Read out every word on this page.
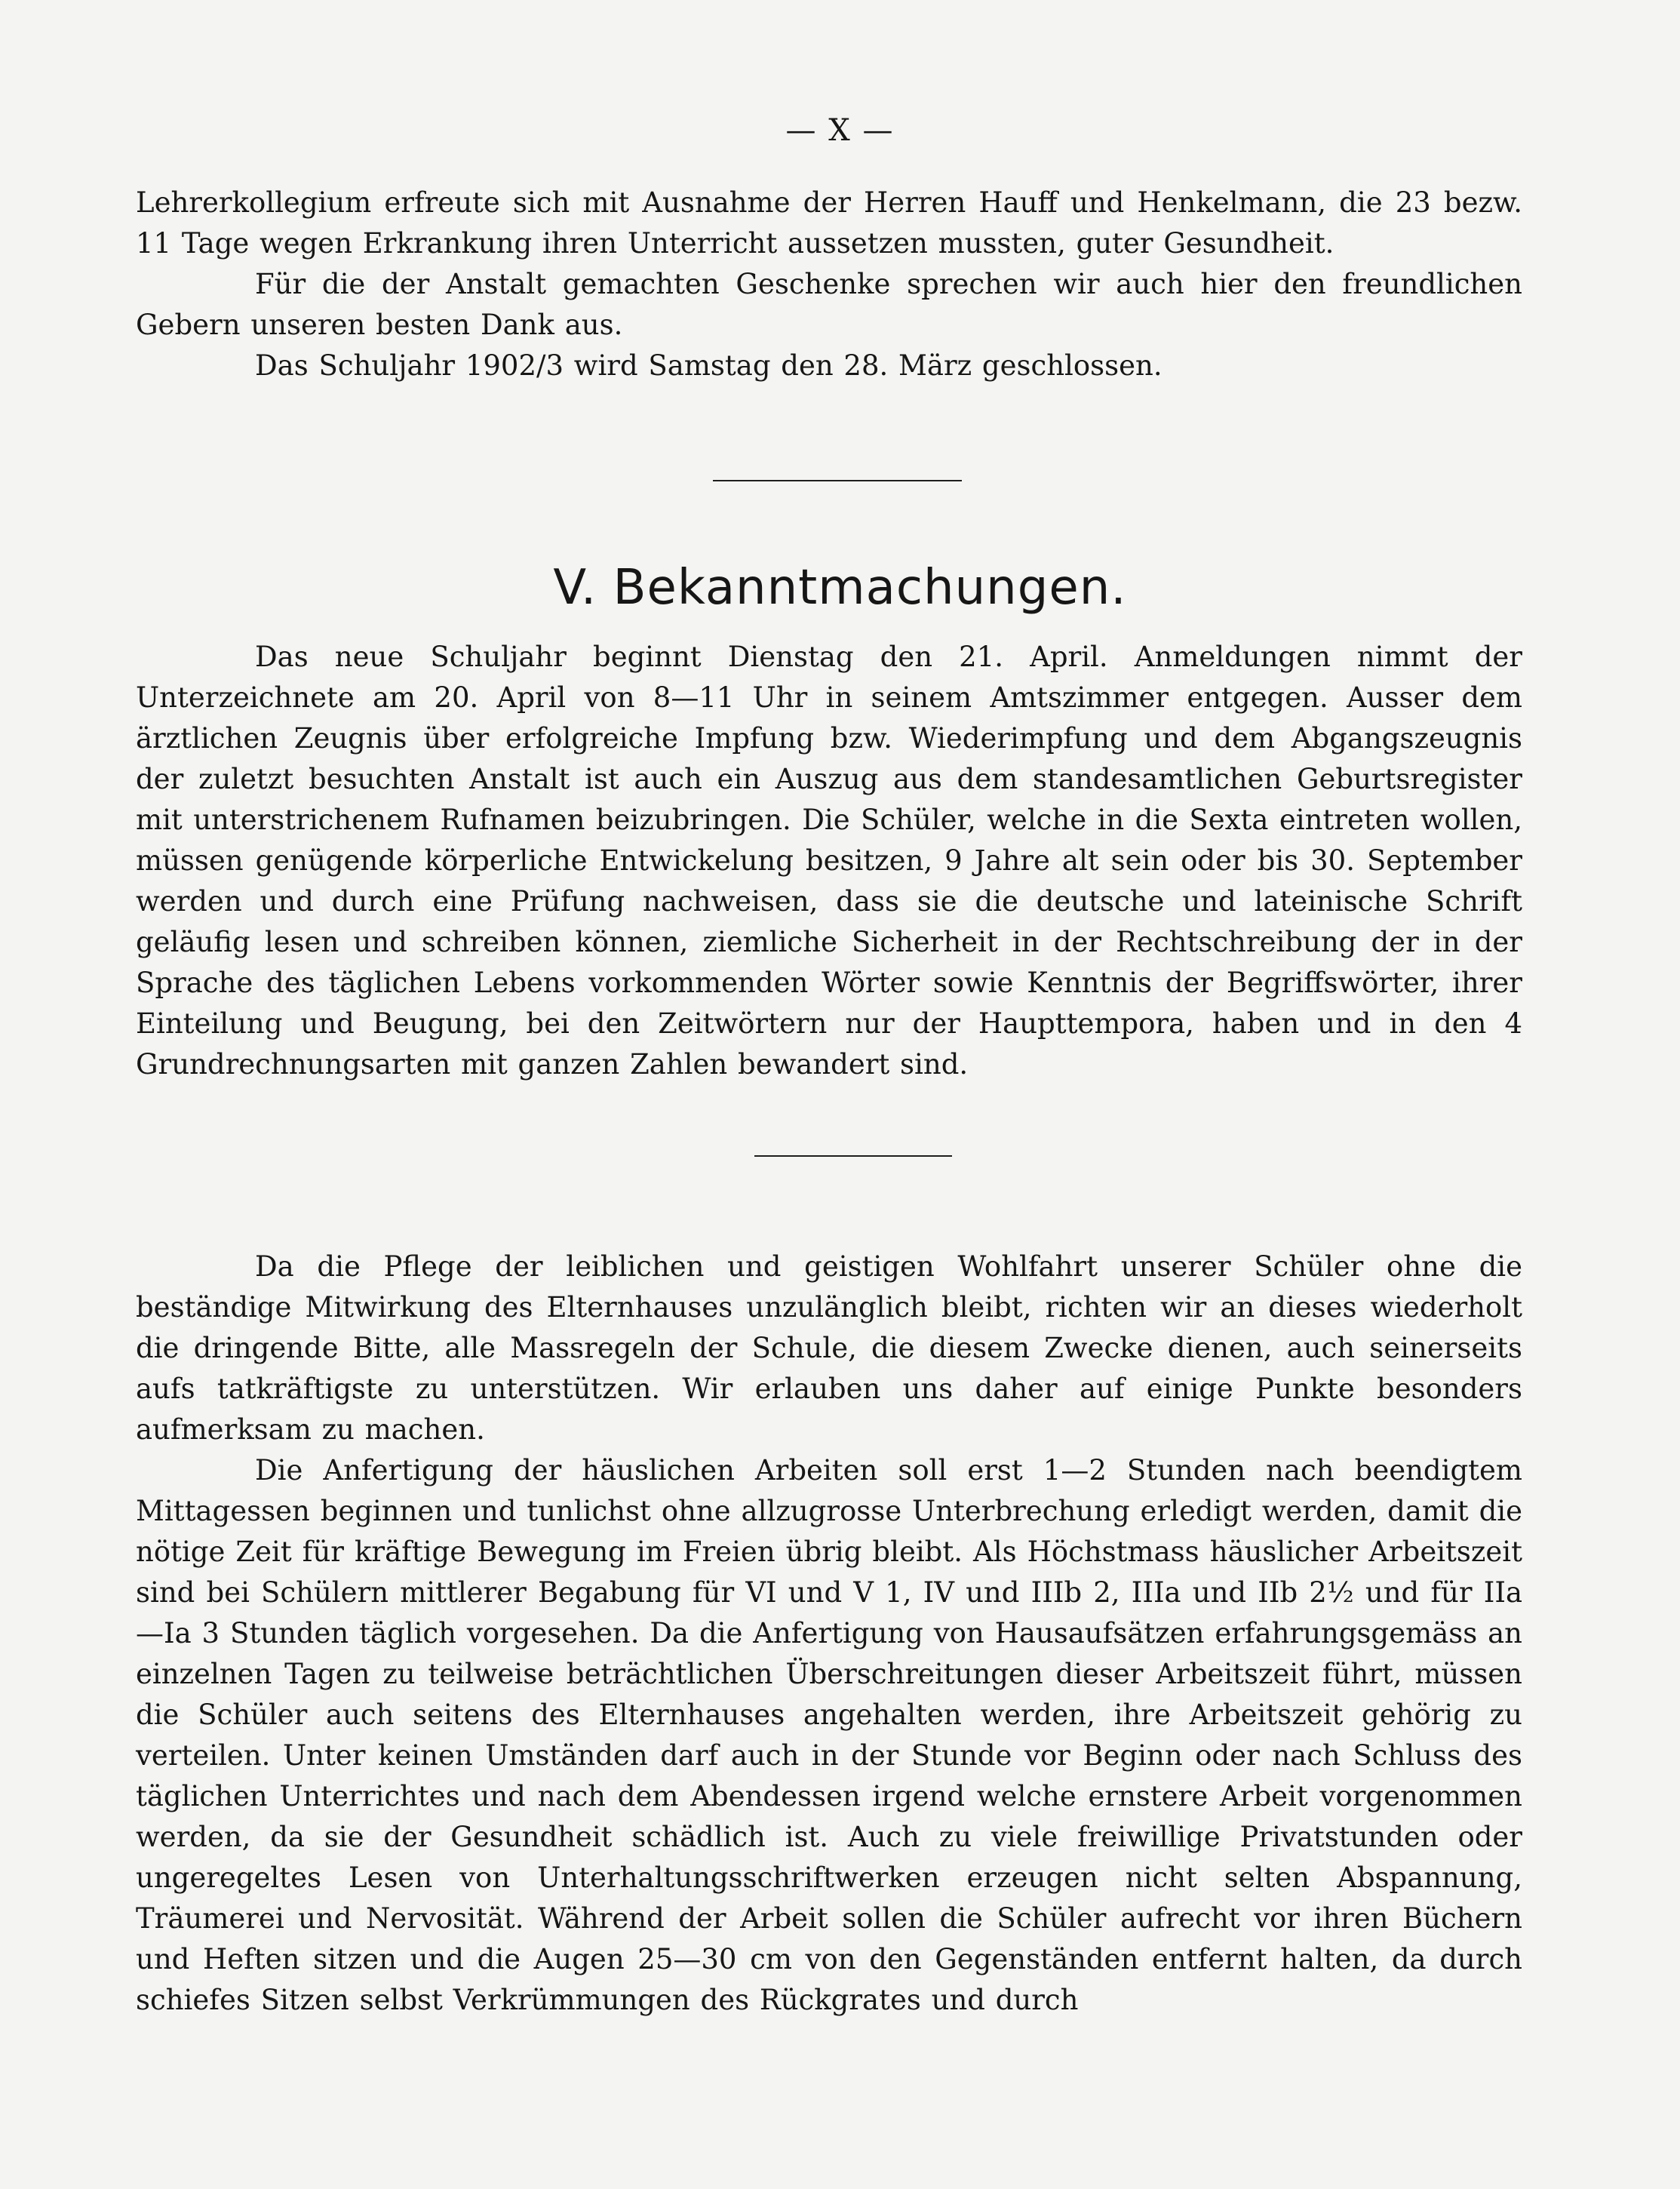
— X —

Lehrerkollegium erfreute sich mit Ausnahme der Herren Hauff und Henkelmann, die 23 bezw. 11 Tage wegen Erkrankung ihren Unterricht aussetzen mussten, guter Gesundheit.

Für die der Anstalt gemachten Geschenke sprechen wir auch hier den freundlichen Gebern unseren besten Dank aus.

Das Schuljahr 1902/3 wird Samstag den 28. März geschlossen.

V. Bekanntmachungen.

Das neue Schuljahr beginnt Dienstag den 21. April. Anmeldungen nimmt der Unterzeichnete am 20. April von 8—11 Uhr in seinem Amtszimmer entgegen. Ausser dem ärztlichen Zeugnis über erfolgreiche Impfung bzw. Wiederimpfung und dem Abgangszeugnis der zuletzt besuchten Anstalt ist auch ein Auszug aus dem standesamtlichen Geburtsregister mit unterstrichenem Rufnamen beizubringen. Die Schüler, welche in die Sexta eintreten wollen, müssen genügende körperliche Entwickelung besitzen, 9 Jahre alt sein oder bis 30. September werden und durch eine Prüfung nachweisen, dass sie die deutsche und lateinische Schrift geläufig lesen und schreiben können, ziemliche Sicherheit in der Rechtschreibung der in der Sprache des täglichen Lebens vorkommenden Wörter sowie Kenntnis der Begriffswörter, ihrer Einteilung und Beugung, bei den Zeitwörtern nur der Haupttempora, haben und in den 4 Grundrechnungsarten mit ganzen Zahlen bewandert sind.

Da die Pflege der leiblichen und geistigen Wohlfahrt unserer Schüler ohne die beständige Mitwirkung des Elternhauses unzulänglich bleibt, richten wir an dieses wiederholt die dringende Bitte, alle Massregeln der Schule, die diesem Zwecke dienen, auch seinerseits aufs tatkräftigste zu unterstützen. Wir erlauben uns daher auf einige Punkte besonders aufmerksam zu machen.

Die Anfertigung der häuslichen Arbeiten soll erst 1—2 Stunden nach beendigtem Mittagessen beginnen und tunlichst ohne allzugrosse Unterbrechung erledigt werden, damit die nötige Zeit für kräftige Bewegung im Freien übrig bleibt. Als Höchstmass häuslicher Arbeitszeit sind bei Schülern mittlerer Begabung für VI und V 1, IV und IIIb 2, IIIa und IIb 2½ und für IIa—Ia 3 Stunden täglich vorgesehen. Da die Anfertigung von Hausaufsätzen erfahrungsgemäss an einzelnen Tagen zu teilweise beträchtlichen Überschreitungen dieser Arbeitszeit führt, müssen die Schüler auch seitens des Elternhauses angehalten werden, ihre Arbeitszeit gehörig zu verteilen. Unter keinen Umständen darf auch in der Stunde vor Beginn oder nach Schluss des täglichen Unterrichtes und nach dem Abendessen irgend welche ernstere Arbeit vorgenommen werden, da sie der Gesundheit schädlich ist. Auch zu viele freiwillige Privatstunden oder ungeregeltes Lesen von Unterhaltungsschriftwerken erzeugen nicht selten Abspannung, Träumerei und Nervosität. Während der Arbeit sollen die Schüler aufrecht vor ihren Büchern und Heften sitzen und die Augen 25—30 cm von den Gegenständen entfernt halten, da durch schiefes Sitzen selbst Verkrümmungen des Rückgrates und durch
